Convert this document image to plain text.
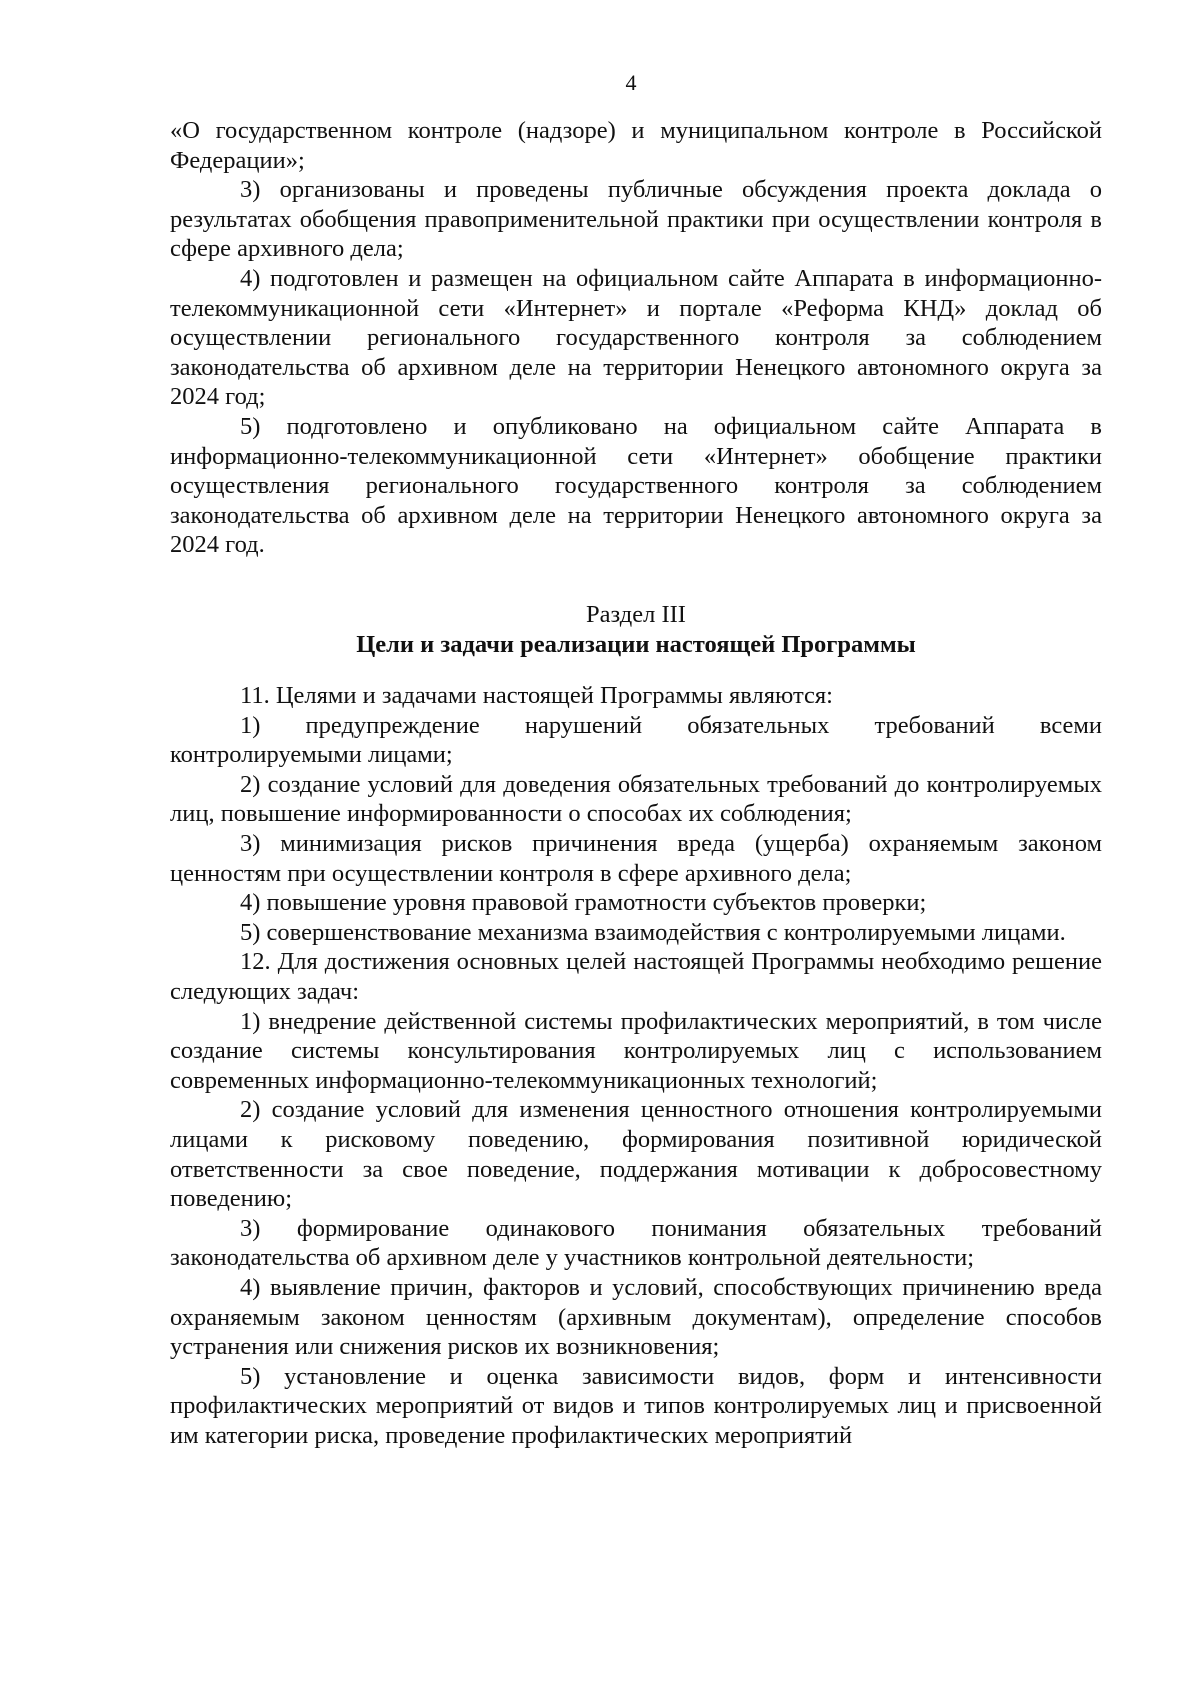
4

«О государственном контроле (надзоре) и муниципальном контроле в Российской Федерации»;

3) организованы и проведены публичные обсуждения проекта доклада о результатах обобщения правоприменительной практики при осуществлении контроля в сфере архивного дела;

4) подготовлен и размещен на официальном сайте Аппарата в информационно-телекоммуникационной сети «Интернет» и портале «Реформа КНД» доклад об осуществлении регионального государственного контроля за соблюдением законодательства об архивном деле на территории Ненецкого автономного округа за 2024 год;

5) подготовлено и опубликовано на официальном сайте Аппарата в информационно-телекоммуникационной сети «Интернет» обобщение практики осуществления регионального государственного контроля за соблюдением законодательства об архивном деле на территории Ненецкого автономного округа за 2024 год.

Раздел III

Цели и задачи реализации настоящей Программы

11. Целями и задачами настоящей Программы являются:

1) предупреждение нарушений обязательных требований всеми контролируемыми лицами;

2) создание условий для доведения обязательных требований до контролируемых лиц, повышение информированности о способах их соблюдения;

3) минимизация рисков причинения вреда (ущерба) охраняемым законом ценностям при осуществлении контроля в сфере архивного дела;

4) повышение уровня правовой грамотности субъектов проверки;

5) совершенствование механизма взаимодействия с контролируемыми лицами.

12. Для достижения основных целей настоящей Программы необходимо решение следующих задач:

1) внедрение действенной системы профилактических мероприятий, в том числе создание системы консультирования контролируемых лиц с использованием современных информационно-телекоммуникационных технологий;

2) создание условий для изменения ценностного отношения контролируемыми лицами к рисковому поведению, формирования позитивной юридической ответственности за свое поведение, поддержания мотивации к добросовестному поведению;

3) формирование одинакового понимания обязательных требований законодательства об архивном деле у участников контрольной деятельности;

4) выявление причин, факторов и условий, способствующих причинению вреда охраняемым законом ценностям (архивным документам), определение способов устранения или снижения рисков их возникновения;

5) установление и оценка зависимости видов, форм и интенсивности профилактических мероприятий от видов и типов контролируемых лиц и присвоенной им категории риска, проведение профилактических мероприятий
